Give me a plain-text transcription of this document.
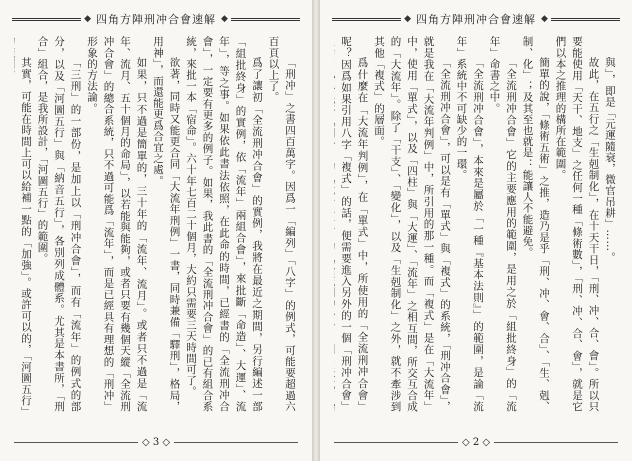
◆ 四角方陣刑冲合會速解 ◆

「刑冲」之書四百萬字。因爲一「編列」「八字」的例式，可能要超過六百頁以上了。

爲了讓初「全流刑冲合會」的實例，我將在最近之期間，另行編述一部「組批終身」的實例，依「流年」兩組合會」，來批斷「命造」、大運」、流年」，等之事。如果依此書法依照，在此命的時間，已經書的「全流刑冲合會」，一定要有更多的例子。如果，我此書的「全流刑冲合會」的已有組合系統，來批一本「宿命」。六十年七百二十個月，大約只需要三天時間可了。

欲著，同時又能更合同「大流年刑例」一書，同時兼備「驛刑」，格局，用神」，而還能更爲合宜之處。

如果，只不過是簡單的，三十年的「流年、流月」。或者只不過是「流年、流月、五十個月的命局」，以若能與能夠，或者只要有幾個天縱「全流刑冲合會」的總合系統，只不過可能爲「流年」，而是已經具有理想的「刑冲」形象的方法論。

「三刑」的一部份，是加上以「刑冲合會」，而有「流年」的例式的部分，以及「河圖五行」與「納音五行」，各別列成體系。尤其是本書所，「刑合」組合，是我所設計，「河圖五行」的範圍。

其實，可能在時間上可以給補一點的「加強」。或許可以的，「河圖五行」

◇ 3 ◇
◆ 四角方陣刑冲合會速解 ◆

與」，即是「元運隨衰，微官吊耕」……。

故此，在五行之「生剋制化」，在十天干日，「刑、冲、合、會」。所以只要能使用「天干、地支」之任何一種「條術數」，「刑、冲、合、會」，就是它們以本之推理的構所在範圍。

簡單的說，「條術五術」之推，造乃是乎「刑、冲、會、合」、「生、剋、制、化」；及其至也就是：能讓人不能避免。

「全流刑冲合會」它的主要應用的範圍，是用之於「組批終身」的「流年」命書之中。

「全流刑冲合會」，本來是屬於「一種『基本法則』」的範圍，是論「流年」系統中不可缺少的一環。

「全流刑冲合會」，可以是有「單式」與「複式」的系統，「刑冲合會」，就是我在「大流年判例」中，所引用的那一種。而「複式」是在「大流年」中，使用「單式」，以及「四柱」與「大運」、「流年」之相互間，所交互合成的「大流年」。除了「干支」、「變化」，以及「生剋制化」之外，就不牽涉到其他「複式」的層面。

爲什麼在「大流年判例」，在「單式」中，所使用的「全流刑冲合會」呢？因爲如果引用八字「複式」的話，便需要進入另外的一個「刑冲合會」

◇ 2 ◇
